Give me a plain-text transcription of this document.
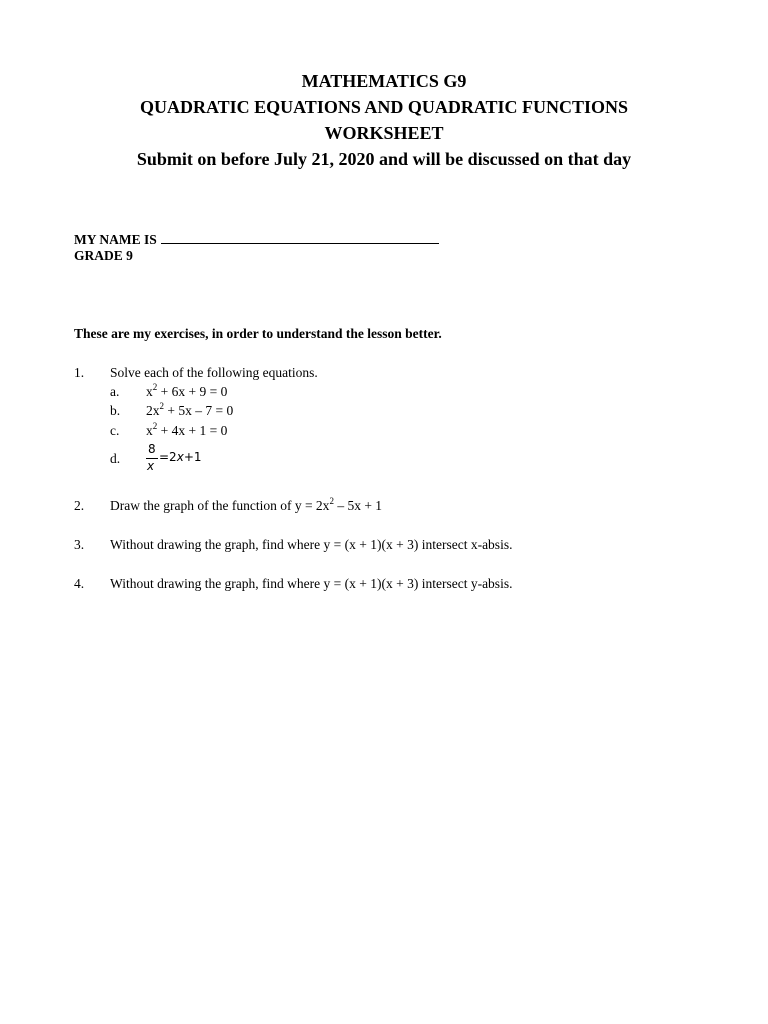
MATHEMATICS G9
QUADRATIC EQUATIONS AND QUADRATIC FUNCTIONS
WORKSHEET
Submit on before July 21, 2020 and will be discussed on that day
MY NAME IS
GRADE 9
These are my exercises, in order to understand the lesson better.
1. Solve each of the following equations.
a. $x^2 + 6x + 9 = 0$
b. $2x^2 + 5x - 7 = 0$
c. $x^2 + 4x + 1 = 0$
d.
8
x
=2x+1
2. Draw the graph of the function of $y = 2x^2 - 5x + 1$
3. Without drawing the graph, find where y = (x + 1)(x + 3) intersect x-absis.
4. Without drawing the graph, find where y = (x + 1)(x + 3) intersect y-absis.
